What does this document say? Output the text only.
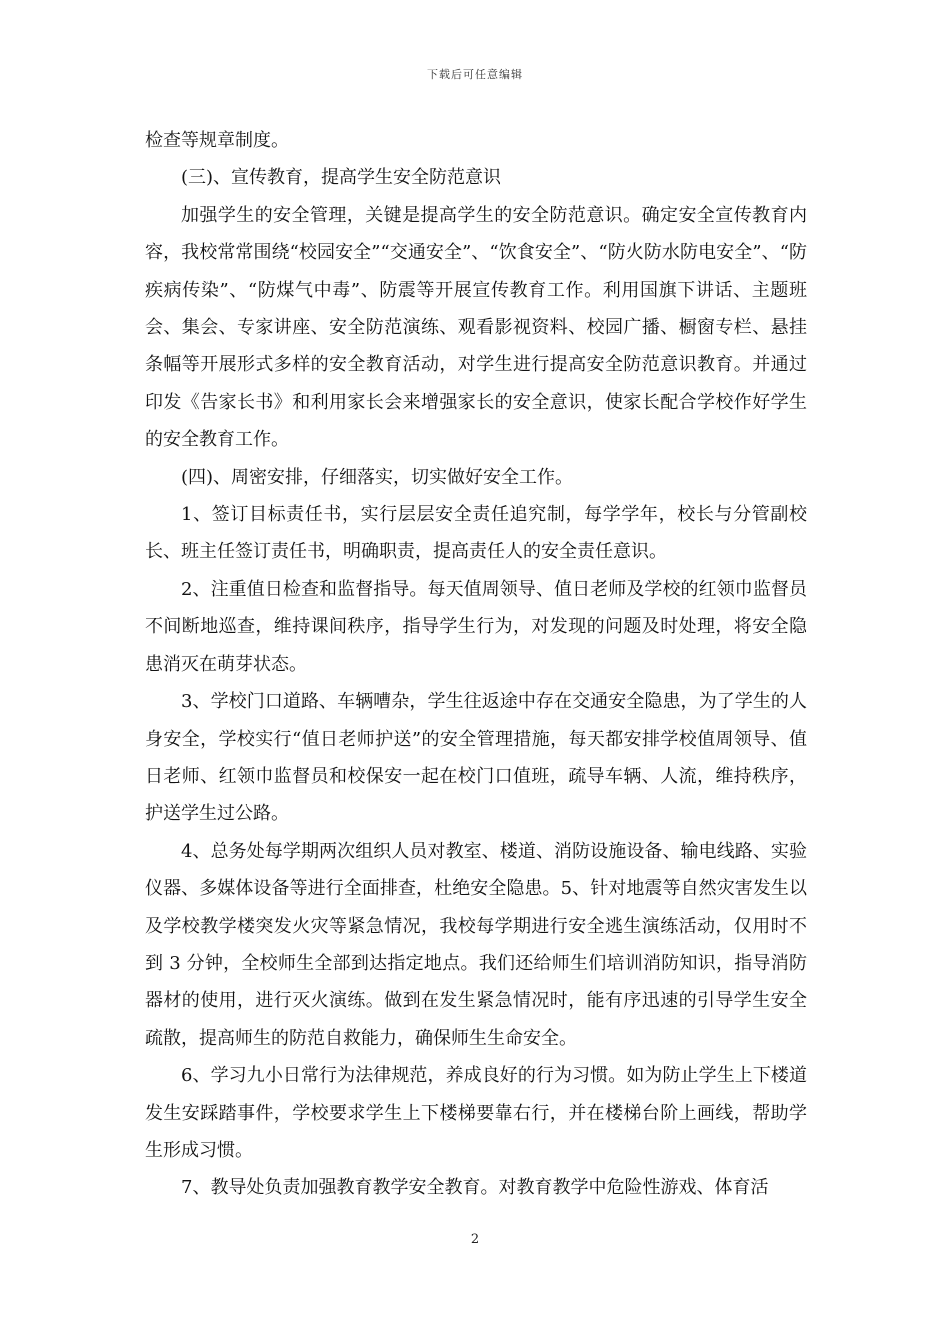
下载后可任意编辑

检查等规章制度。

(三)、宣传教育，提高学生安全防范意识

加强学生的安全管理，关键是提高学生的安全防范意识。确定安全宣传教育内容，我校常常围绕“校园安全”“交通安全”、“饮食安全”、“防火防水防电安全”、“防疾病传染”、“防煤气中毒”、防震等开展宣传教育工作。利用国旗下讲话、主题班会、集会、专家讲座、安全防范演练、观看影视资料、校园广播、橱窗专栏、悬挂条幅等开展形式多样的安全教育活动，对学生进行提高安全防范意识教育。并通过印发《告家长书》和利用家长会来增强家长的安全意识，使家长配合学校作好学生的安全教育工作。

(四)、周密安排，仔细落实，切实做好安全工作。

1、签订目标责任书，实行层层安全责任追究制，每学学年，校长与分管副校长、班主任签订责任书，明确职责，提高责任人的安全责任意识。

2、注重值日检查和监督指导。每天值周领导、值日老师及学校的红领巾监督员不间断地巡查，维持课间秩序，指导学生行为，对发现的问题及时处理，将安全隐患消灭在萌芽状态。

3、学校门口道路、车辆嘈杂，学生往返途中存在交通安全隐患，为了学生的人身安全，学校实行“值日老师护送”的安全管理措施，每天都安排学校值周领导、值日老师、红领巾监督员和校保安一起在校门口值班，疏导车辆、人流，维持秩序，护送学生过公路。

4、总务处每学期两次组织人员对教室、楼道、消防设施设备、输电线路、实验仪器、多媒体设备等进行全面排查，杜绝安全隐患。5、针对地震等自然灾害发生以及学校教学楼突发火灾等紧急情况，我校每学期进行安全逃生演练活动，仅用时不到 3 分钟，全校师生全部到达指定地点。我们还给师生们培训消防知识，指导消防器材的使用，进行灭火演练。做到在发生紧急情况时，能有序迅速的引导学生安全疏散，提高师生的防范自救能力，确保师生生命安全。

6、学习九小日常行为法律规范，养成良好的行为习惯。如为防止学生上下楼道发生安踩踏事件，学校要求学生上下楼梯要靠右行，并在楼梯台阶上画线，帮助学生形成习惯。

7、教导处负责加强教育教学安全教育。对教育教学中危险性游戏、体育活

2
